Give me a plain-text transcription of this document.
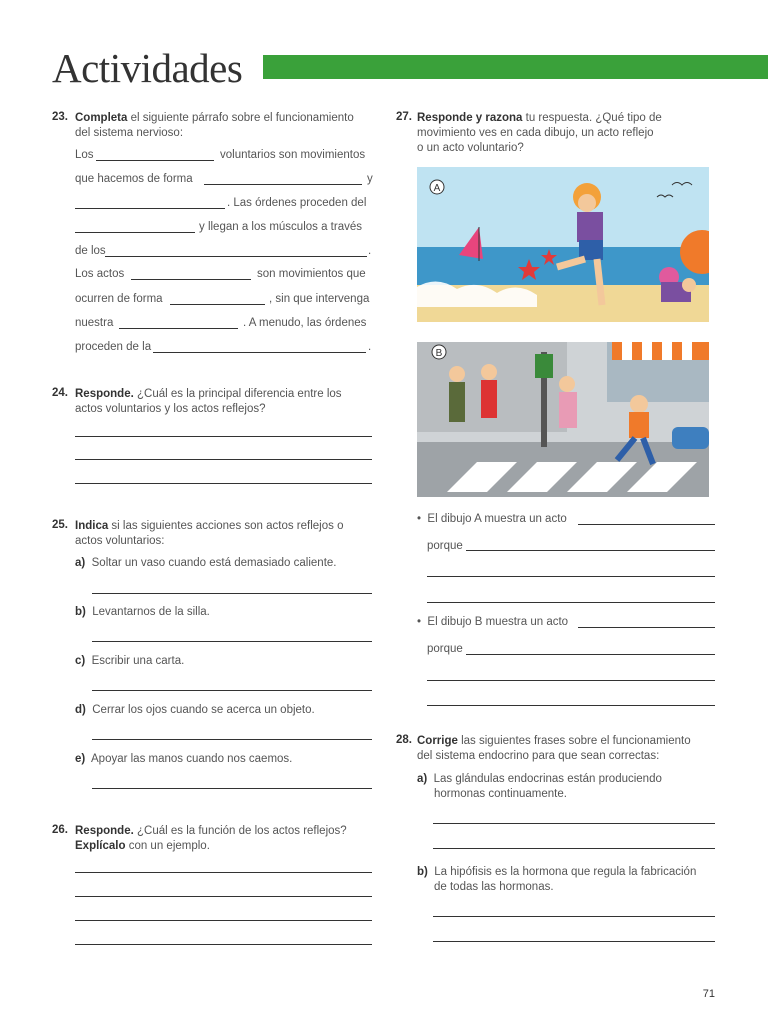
Actividades
23. Completa el siguiente párrafo sobre el funcionamiento
del sistema nervioso:
Los	voluntarios son movimientos
que hacemos de forma	y
. Las órdenes proceden del
y llegan a los músculos a través
de los	.
Los actos	son movimientos que
ocurren de forma	, sin que intervenga
nuestra	. A menudo, las órdenes
proceden de la	.
24. Responde. ¿Cuál es la principal diferencia entre los
actos voluntarios y los actos reflejos?
25. Indica si las siguientes acciones son actos reflejos o
actos voluntarios:
a) Soltar un vaso cuando está demasiado caliente.
b) Levantarnos de la silla.
c) Escribir una carta.
d) Cerrar los ojos cuando se acerca un objeto.
e) Apoyar las manos cuando nos caemos.
26. Responde. ¿Cuál es la función de los actos reflejos?
Explícalo con un ejemplo.
27. Responde y razona tu respuesta. ¿Qué tipo de
movimiento ves en cada dibujo, un acto reflejo
o un acto voluntario?
A
B
•  El dibujo A muestra un acto
porque
•  El dibujo B muestra un acto
porque
28. Corrige las siguientes frases sobre el funcionamiento
del sistema endocrino para que sean correctas:
a) Las glándulas endocrinas están produciendo
hormonas continuamente.
b) La hipófisis es la hormona que regula la fabricación
de todas las hormonas.
71
